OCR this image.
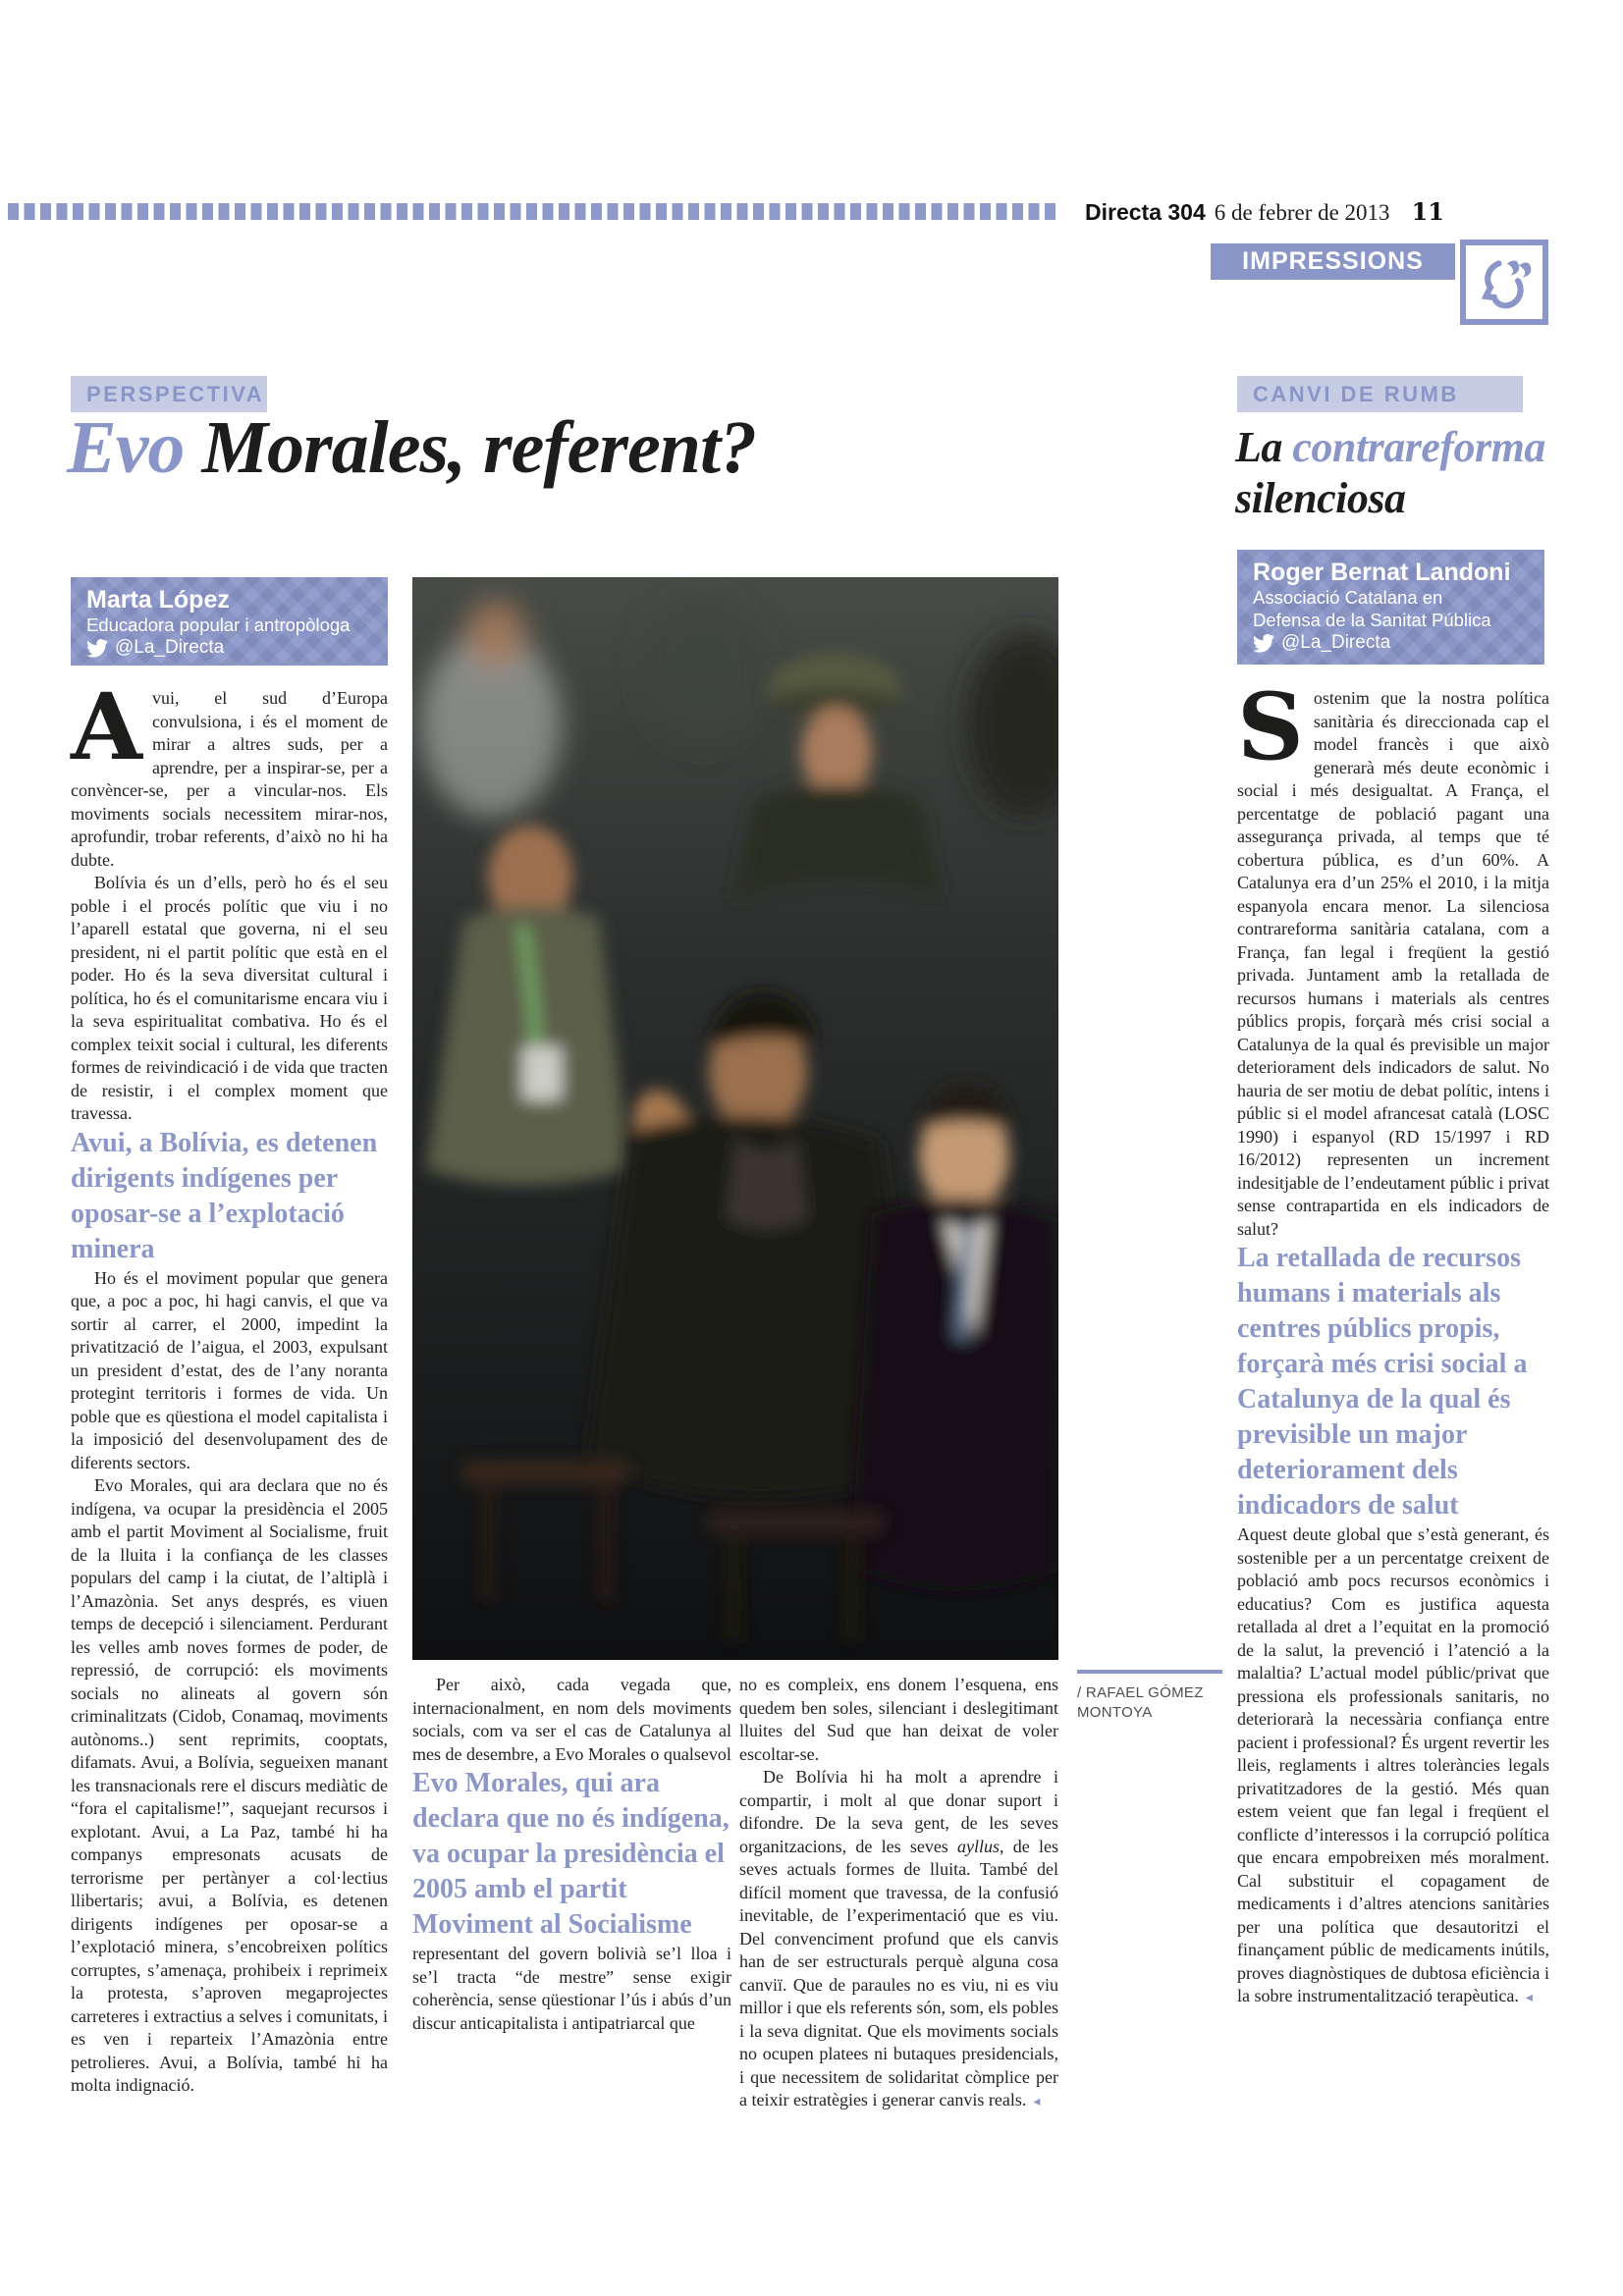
Directa 304 6 de febrer de 2013 11
IMPRESSIONS
PERSPECTIVA
Evo Morales, referent?
Marta López
Educadora popular i antropòloga
@La_Directa
/ RAFAEL GÓMEZ MONTOYA

Avui, el sud d’Europa convulsiona, i és el moment de mirar a altres suds, per a aprendre, per a inspirar-se, per a convèncer-se, per a vincular-nos. Els moviments socials necessitem mirar-nos, aprofundir, trobar referents, d’això no hi ha dubte.

Bolívia és un d’ells, però ho és el seu poble i el procés polític que viu i no l’aparell estatal que governa, ni el seu president, ni el partit polític que està en el poder. Ho és la seva diversitat cultural i política, ho és el comunitarisme encara viu i la seva espiritualitat combativa. Ho és el complex teixit social i cultural, les diferents formes de reivindicació i de vida que tracten de resistir, i el complex moment que travessa.

Avui, a Bolívia, es detenen dirigents indígenes per oposar-se a l’explotació minera

Ho és el moviment popular que genera que, a poc a poc, hi hagi canvis, el que va sortir al carrer, el 2000, impedint la privatització de l’aigua, el 2003, expulsant un president d’estat, des de l’any noranta protegint territoris i formes de vida. Un poble que es qüestiona el model capitalista i la imposició del desenvolupament des de diferents sectors.

Evo Morales, qui ara declara que no és indígena, va ocupar la presidència el 2005 amb el partit Moviment al Socialisme, fruit de la lluita i la confiança de les classes populars del camp i la ciutat, de l’altiplà i l’Amazònia. Set anys després, es viuen temps de decepció i silenciament. Perdurant les velles amb noves formes de poder, de repressió, de corrupció: els moviments socials no alineats al govern són criminalitzats (Cidob, Conamaq, moviments autònoms..) sent reprimits, cooptats, difamats. Avui, a Bolívia, segueixen manant les transnacionals rere el discurs mediàtic de “fora el capitalisme!”, saquejant recursos i explotant. Avui, a La Paz, també hi ha companys empresonats acusats de terrorisme per pertànyer a col·lectius llibertaris; avui, a Bolívia, es detenen dirigents indígenes per oposar-se a l’explotació minera, s’encobreixen polítics corruptes, s’amenaça, prohibeix i reprimeix la protesta, s’aproven megaprojectes carreteres i extractius a selves i comunitats, i es ven i reparteix l’Amazònia entre petrolieres. Avui, a Bolívia, també hi ha molta indignació.

Per això, cada vegada que, internacionalment, en nom dels moviments socials, com va ser el cas de Catalunya al mes de desembre, a Evo Morales o qualsevol

Evo Morales, qui ara declara que no és indígena, va ocupar la presidència el 2005 amb el partit Moviment al Socialisme

representant del govern bolivià se’l lloa i se’l tracta “de mestre” sense exigir coherència, sense qüestionar l’ús i abús d’un discur anticapitalista i antipatriarcal que

no es compleix, ens donem l’esquena, ens quedem ben soles, silenciant i deslegitimant lluites del Sud que han deixat de voler escoltar-se.

De Bolívia hi ha molt a aprendre i compartir, i molt al que donar suport i difondre. De la seva gent, de les seves organitzacions, de les seves ayllus, de les seves actuals formes de lluita. També del difícil moment que travessa, de la confusió inevitable, de l’experimentació que es viu. Del convenciment profund que els canvis han de ser estructurals perquè alguna cosa canviï. Que de paraules no es viu, ni es viu millor i que els referents són, som, els pobles i la seva dignitat. Que els moviments socials no ocupen platees ni butaques presidencials, i que necessitem de solidaritat còmplice per a teixir estratègies i generar canvis reals. ◂

CANVI DE RUMB
La contrareforma
silenciosa
Roger Bernat Landoni
Associació Catalana en
Defensa de la Sanitat Pública
@La_Directa

Sostenim que la nostra política sanitària és direccionada cap el model francès i que això generarà més deute econòmic i social i més desigualtat. A França, el percentatge de població pagant una assegurança privada, al temps que té cobertura pública, es d’un 60%. A Catalunya era d’un 25% el 2010, i la mitja espanyola encara menor. La silenciosa contrareforma sanitària catalana, com a França, fan legal i freqüent la gestió privada. Juntament amb la retallada de recursos humans i materials als centres públics propis, forçarà més crisi social a Catalunya de la qual és previsible un major deteriorament dels indicadors de salut. No hauria de ser motiu de debat polític, intens i públic si el model afrancesat català (LOSC 1990) i espanyol (RD 15/1997 i RD 16/2012) representen un increment indesitjable de l’endeutament públic i privat sense contrapartida en els indicadors de salut?

La retallada de recursos humans i materials als centres públics propis, forçarà més crisi social a Catalunya de la qual és previsible un major deteriorament dels indicadors de salut

Aquest deute global que s’està generant, és sostenible per a un percentatge creixent de població amb pocs recursos econòmics i educatius? Com es justifica aquesta retallada al dret a l’equitat en la promoció de la salut, la prevenció i l’atenció a la malaltia? L’actual model públic/privat que pressiona els professionals sanitaris, no deteriorarà la necessària confiança entre pacient i professional? És urgent revertir les lleis, reglaments i altres toleràncies legals privatitzadores de la gestió. Més quan estem veient que fan legal i freqüent el conflicte d’interessos i la corrupció política que encara empobreixen més moralment. Cal substituir el copagament de medicaments i d’altres atencions sanitàries per una política que desautoritzi el finançament públic de medicaments inútils, proves diagnòstiques de dubtosa eficiència i la sobre instrumentalització terapèutica. ◂
